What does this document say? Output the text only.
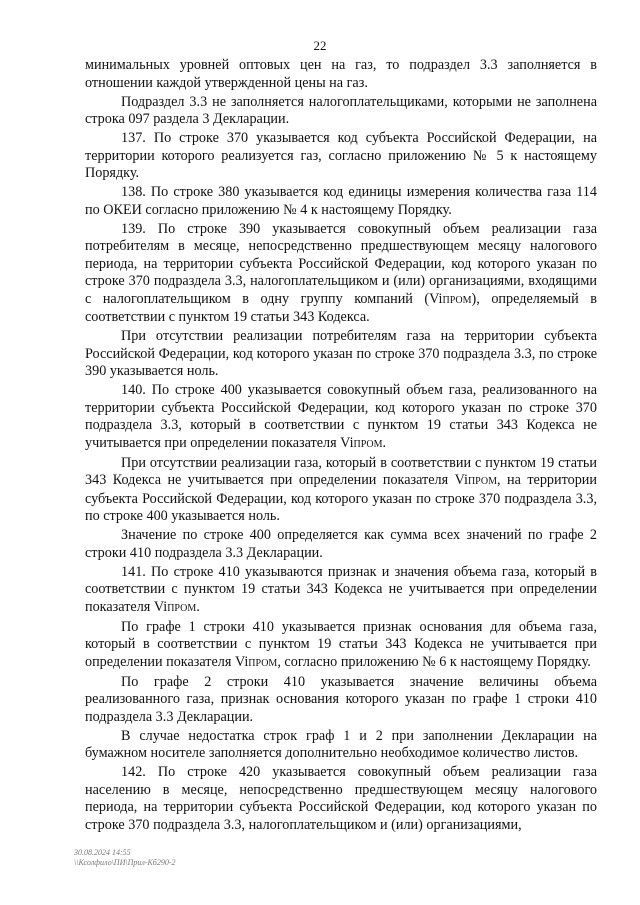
22

минимальных уровней оптовых цен на газ, то подраздел 3.3 заполняется в отношении каждой утвержденной цены на газ.

Подраздел 3.3 не заполняется налогоплательщиками, которыми не заполнена строка 097 раздела 3 Декларации.

137. По строке 370 указывается код субъекта Российской Федерации, на территории которого реализуется газ, согласно приложению № 5 к настоящему Порядку.

138. По строке 380 указывается код единицы измерения количества газа 114 по ОКЕИ согласно приложению № 4 к настоящему Порядку.

139. По строке 390 указывается совокупный объем реализации газа потребителям в месяце, непосредственно предшествующем месяцу налогового периода, на территории субъекта Российской Федерации, код которого указан по строке 370 подраздела 3.3, налогоплательщиком и (или) организациями, входящими с налогоплательщиком в одну группу компаний (ViПРОМ), определяемый в соответствии с пунктом 19 статьи 343 Кодекса.

При отсутствии реализации потребителям газа на территории субъекта Российской Федерации, код которого указан по строке 370 подраздела 3.3, по строке 390 указывается ноль.

140. По строке 400 указывается совокупный объем газа, реализованного на территории субъекта Российской Федерации, код которого указан по строке 370 подраздела 3.3, который в соответствии с пунктом 19 статьи 343 Кодекса не учитывается при определении показателя ViПРОМ.

При отсутствии реализации газа, который в соответствии с пунктом 19 статьи 343 Кодекса не учитывается при определении показателя ViПРОМ, на территории субъекта Российской Федерации, код которого указан по строке 370 подраздела 3.3, по строке 400 указывается ноль.

Значение по строке 400 определяется как сумма всех значений по графе 2 строки 410 подраздела 3.3 Декларации.

141. По строке 410 указываются признак и значения объема газа, который в соответствии с пунктом 19 статьи 343 Кодекса не учитывается при определении показателя ViПРОМ.

По графе 1 строки 410 указывается признак основания для объема газа, который в соответствии с пунктом 19 статьи 343 Кодекса не учитывается при определении показателя ViПРОМ, согласно приложению № 6 к настоящему Порядку.

По графе 2 строки 410 указывается значение величины объема реализованного газа, признак основания которого указан по графе 1 строки 410 подраздела 3.3 Декларации.

В случае недостатка строк граф 1 и 2 при заполнении Декларации на бумажном носителе заполняется дополнительно необходимое количество листов.

142. По строке 420 указывается совокупный объем реализации газа населению в месяце, непосредственно предшествующем месяцу налогового периода, на территории субъекта Российской Федерации, код которого указан по строке 370 подраздела 3.3, налогоплательщиком и (или) организациями,

30.08.2024 14:55
\\Ксолфило\ПИ\Прил-Кб290-2
